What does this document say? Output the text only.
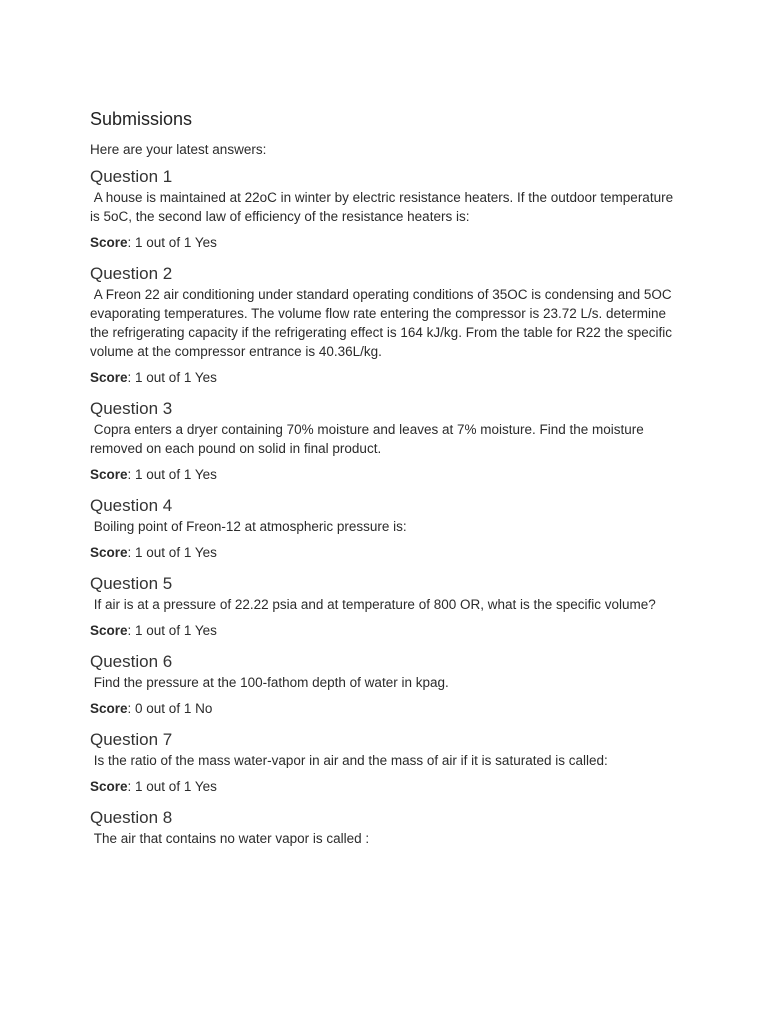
Submissions

Here are your latest answers:

Question 1

A house is maintained at 22oC in winter by electric resistance heaters. If the outdoor temperature is 5oC, the second law of efficiency of the resistance heaters is:

Score: 1 out of 1 Yes

Question 2

A Freon 22 air conditioning under standard operating conditions of 35OC is condensing and 5OC evaporating temperatures. The volume flow rate entering the compressor is 23.72 L/s. determine the refrigerating capacity if the refrigerating effect is 164 kJ/kg. From the table for R22 the specific volume at the compressor entrance is 40.36L/kg.

Score: 1 out of 1 Yes

Question 3

Copra enters a dryer containing 70% moisture and leaves at 7% moisture. Find the moisture removed on each pound on solid in final product.

Score: 1 out of 1 Yes

Question 4

Boiling point of Freon-12 at atmospheric pressure is:

Score: 1 out of 1 Yes

Question 5

If air is at a pressure of 22.22 psia and at temperature of 800 OR, what is the specific volume?

Score: 1 out of 1 Yes

Question 6

Find the pressure at the 100-fathom depth of water in kpag.

Score: 0 out of 1 No

Question 7

Is the ratio of the mass water-vapor in air and the mass of air if it is saturated is called:

Score: 1 out of 1 Yes

Question 8

The air that contains no water vapor is called :
